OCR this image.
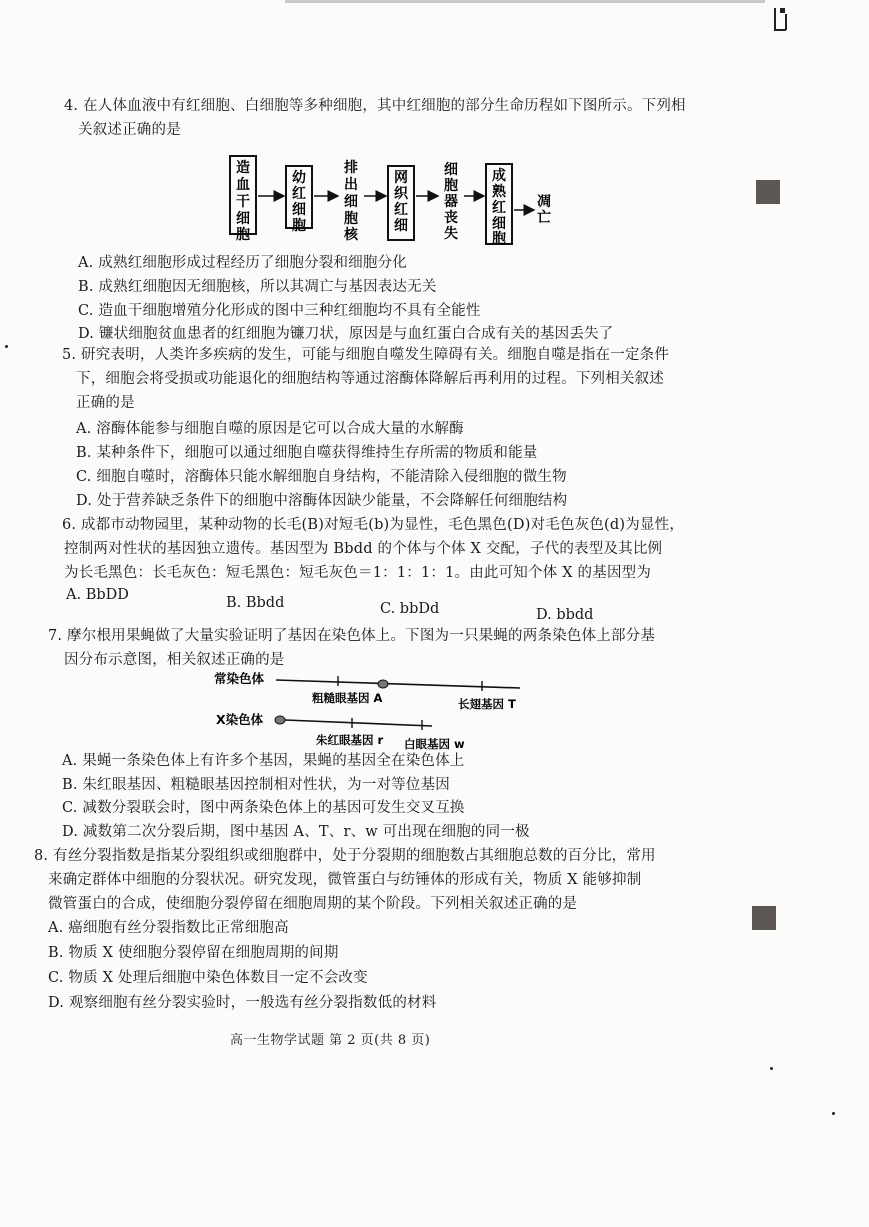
4. 在人体血液中有红细胞、白细胞等多种细胞，其中红细胞的部分生命历程如下图所示。下列相
关叙述正确的是
造
血
干
细
胞
幼
红
细
胞
排
出
细
胞
核
网
织
红
细
细
胞
器
丧
失
成
熟
红
细
胞
凋
亡
A. 成熟红细胞形成过程经历了细胞分裂和细胞分化
B. 成熟红细胞因无细胞核，所以其凋亡与基因表达无关
C. 造血干细胞增殖分化形成的图中三种红细胞均不具有全能性
D. 镰状细胞贫血患者的红细胞为镰刀状，原因是与血红蛋白合成有关的基因丢失了
5. 研究表明，人类许多疾病的发生，可能与细胞自噬发生障碍有关。细胞自噬是指在一定条件
下，细胞会将受损或功能退化的细胞结构等通过溶酶体降解后再利用的过程。下列相关叙述
正确的是
A. 溶酶体能参与细胞自噬的原因是它可以合成大量的水解酶
B. 某种条件下，细胞可以通过细胞自噬获得维持生存所需的物质和能量
C. 细胞自噬时，溶酶体只能水解细胞自身结构，不能清除入侵细胞的微生物
D. 处于营养缺乏条件下的细胞中溶酶体因缺少能量，不会降解任何细胞结构
6. 成都市动物园里，某种动物的长毛(B)对短毛(b)为显性，毛色黑色(D)对毛色灰色(d)为显性，
控制两对性状的基因独立遗传。基因型为 Bbdd 的个体与个体 X 交配，子代的表型及其比例
为长毛黑色：长毛灰色：短毛黑色：短毛灰色＝1：1：1：1。由此可知个体 X 的基因型为
A. BbDD	B. Bbdd	C. bbDd	D. bbdd
7. 摩尔根用果蝇做了大量实验证明了基因在染色体上。下图为一只果蝇的两条染色体上部分基
因分布示意图，相关叙述正确的是
常染色体
粗糙眼基因 A	长翅基因 T
X染色体
朱红眼基因 r 白眼基因 w
A. 果蝇一条染色体上有许多个基因，果蝇的基因全在染色体上
B. 朱红眼基因、粗糙眼基因控制相对性状，为一对等位基因
C. 减数分裂联会时，图中两条染色体上的基因可发生交叉互换
D. 减数第二次分裂后期，图中基因 A、T、r、w 可出现在细胞的同一极
8. 有丝分裂指数是指某分裂组织或细胞群中，处于分裂期的细胞数占其细胞总数的百分比，常用
来确定群体中细胞的分裂状况。研究发现，微管蛋白与纺锤体的形成有关，物质 X 能够抑制
微管蛋白的合成，使细胞分裂停留在细胞周期的某个阶段。下列相关叙述正确的是
A. 癌细胞有丝分裂指数比正常细胞高
B. 物质 X 使细胞分裂停留在细胞周期的间期
C. 物质 X 处理后细胞中染色体数目一定不会改变
D. 观察细胞有丝分裂实验时，一般选有丝分裂指数低的材料
高一生物学试题 第 2 页(共 8 页)
